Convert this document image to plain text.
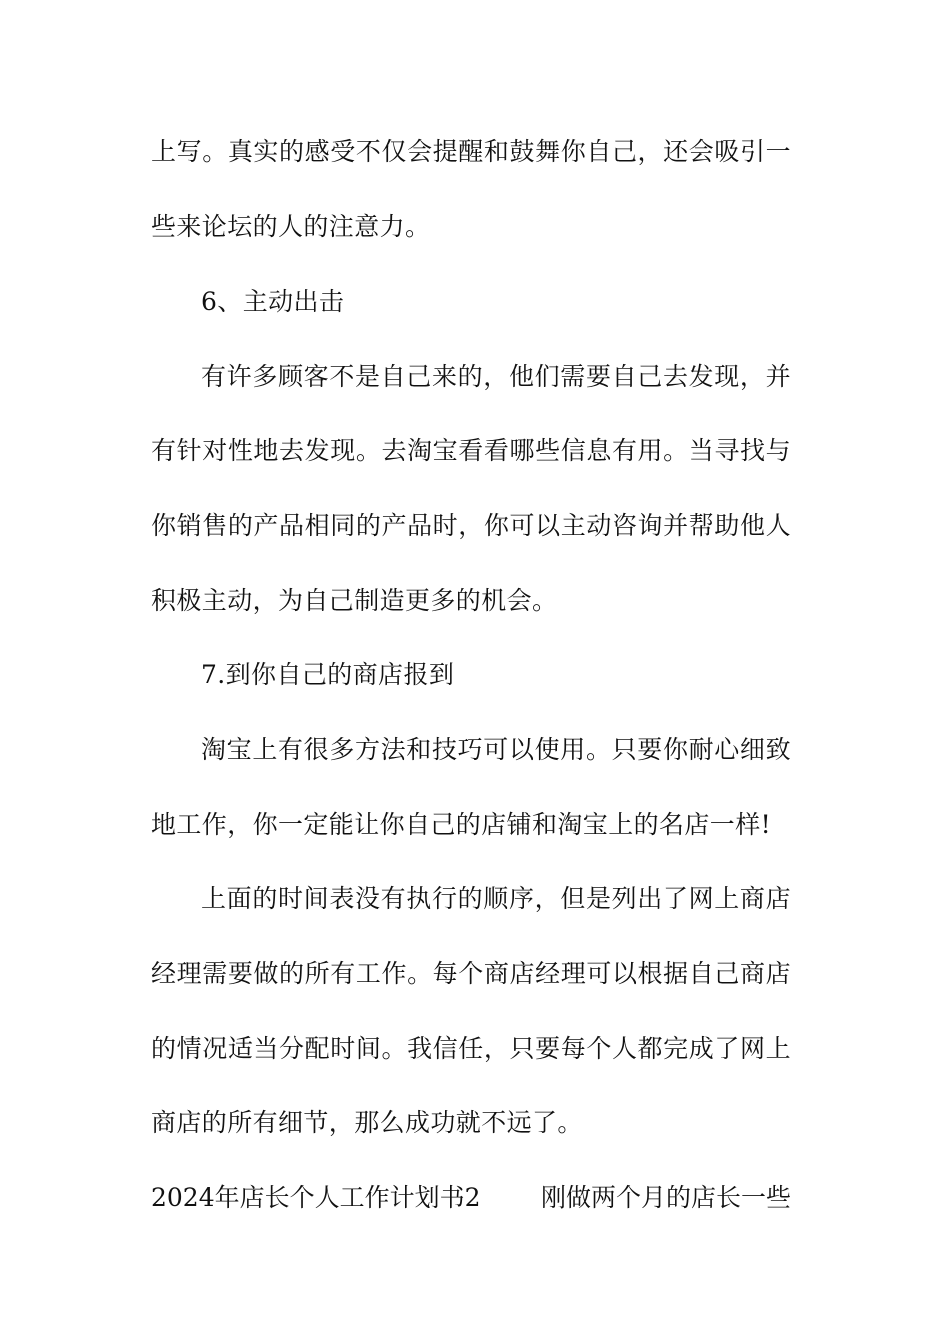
上写。真实的感受不仅会提醒和鼓舞你自己，还会吸引一
些来论坛的人的注意力。
6、主动出击
有许多顾客不是自己来的，他们需要自己去发现，并
有针对性地去发现。去淘宝看看哪些信息有用。当寻找与
你销售的产品相同的产品时，你可以主动咨询并帮助他人
积极主动，为自己制造更多的机会。
7.到你自己的商店报到
淘宝上有很多方法和技巧可以使用。只要你耐心细致
地工作，你一定能让你自己的店铺和淘宝上的名店一样!
上面的时间表没有执行的顺序，但是列出了网上商店
经理需要做的所有工作。每个商店经理可以根据自己商店
的情况适当分配时间。我信任，只要每个人都完成了网上
商店的所有细节，那么成功就不远了。
2024年店长个人工作计划书2 刚做两个月的店长一些
